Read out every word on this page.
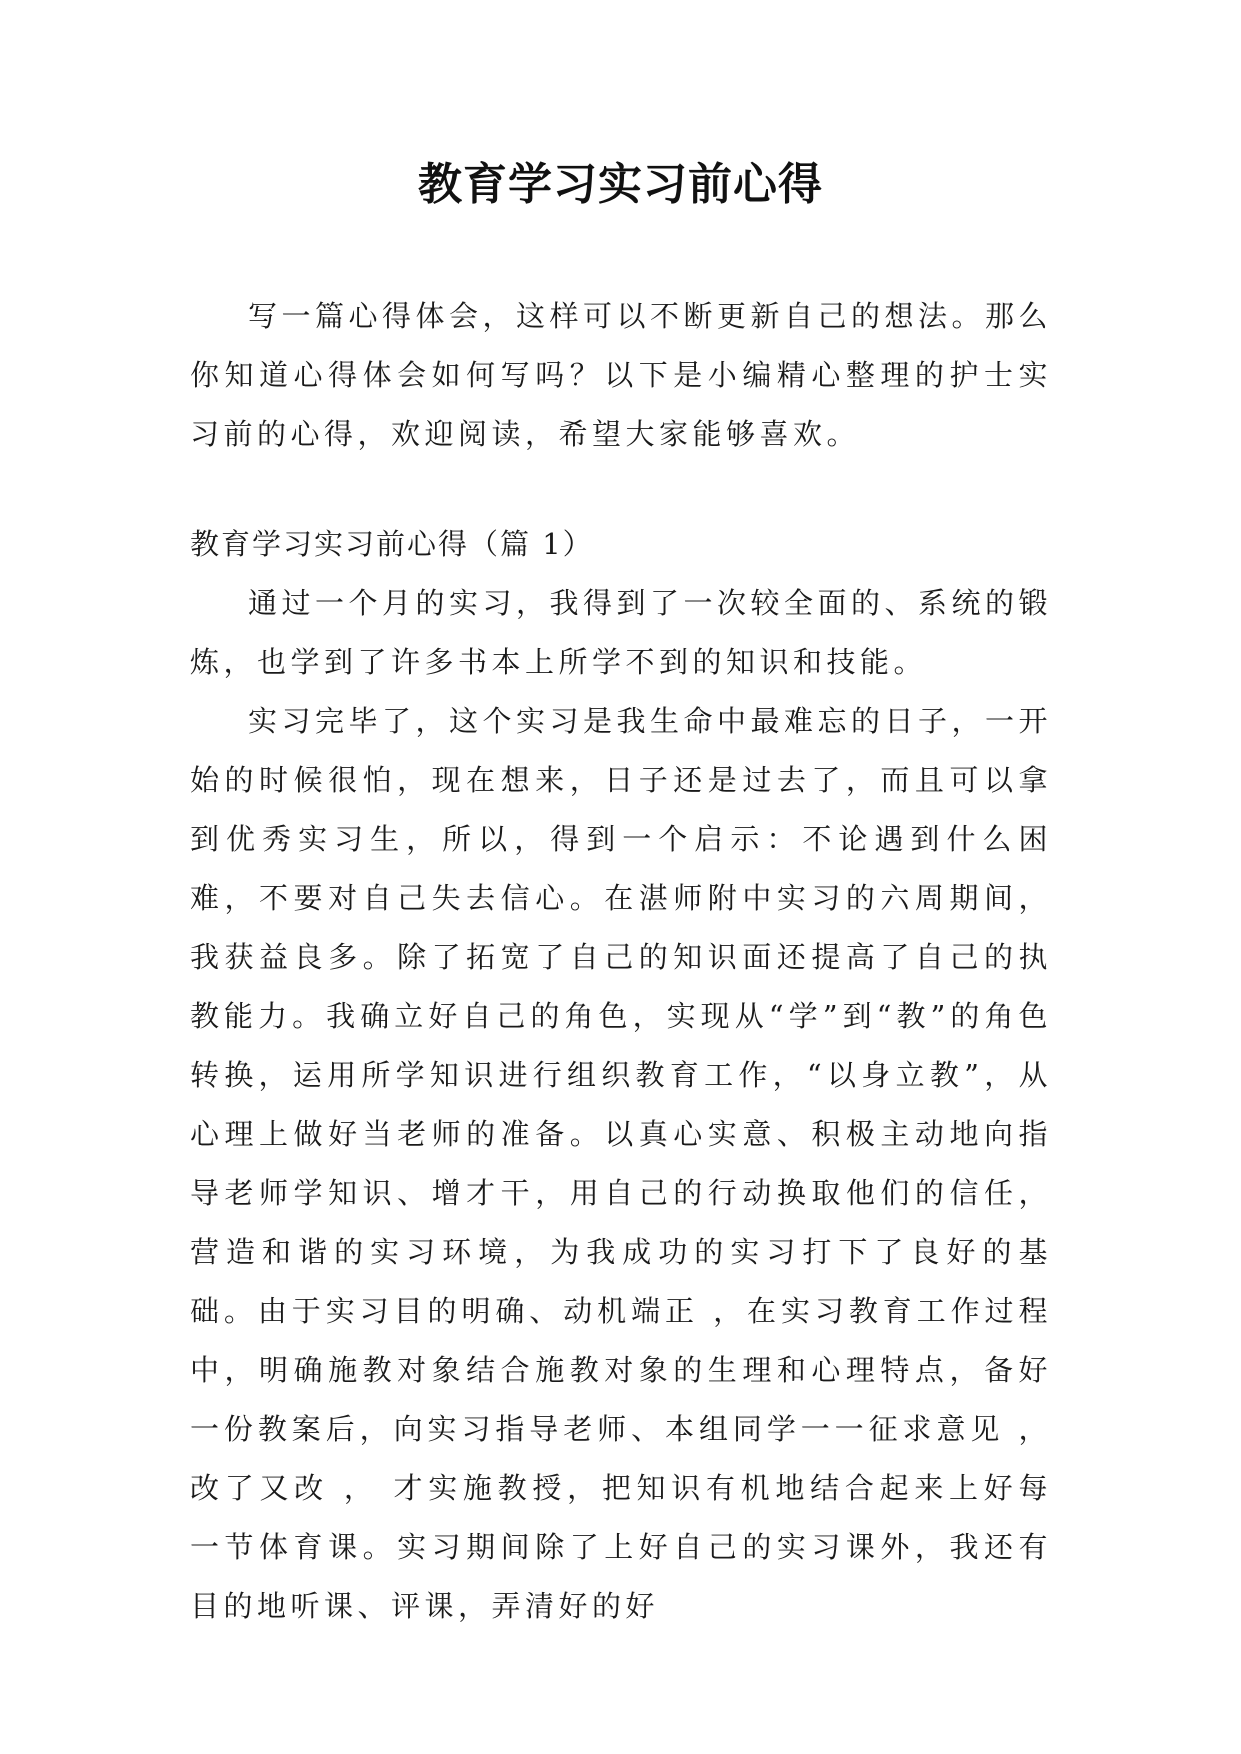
教育学习实习前心得

写一篇心得体会，这样可以不断更新自己的想法。那么你知道心得体会如何写吗？以下是小编精心整理的护士实习前的心得，欢迎阅读，希望大家能够喜欢。

教育学习实习前心得（篇 1）

通过一个月的实习，我得到了一次较全面的、系统的锻炼，也学到了许多书本上所学不到的知识和技能。

实习完毕了，这个实习是我生命中最难忘的日子，一开始的时候很怕，现在想来，日子还是过去了，而且可以拿到优秀实习生，所以，得到一个启示：不论遇到什么困难，不要对自己失去信心。在湛师附中实习的六周期间，我获益良多。除了拓宽了自己的知识面还提高了自己的执教能力。我确立好自己的角色，实现从“学”到“教”的角色转换，运用所学知识进行组织教育工作，“以身立教”，从心理上做好当老师的准备。以真心实意、积极主动地向指导老师学知识、增才干，用自己的行动换取他们的信任，营造和谐的实习环境，为我成功的实习打下了良好的基础。由于实习目的明确、动机端正 ，在实习教育工作过程中，明确施教对象结合施教对象的生理和心理特点，备好一份教案后，向实习指导老师、本组同学一一征求意见 ， 改了又改 ， 才实施教授，把知识有机地结合起来上好每一节体育课。实习期间除了上好自己的实习课外，我还有目的地听课、评课，弄清好的好
